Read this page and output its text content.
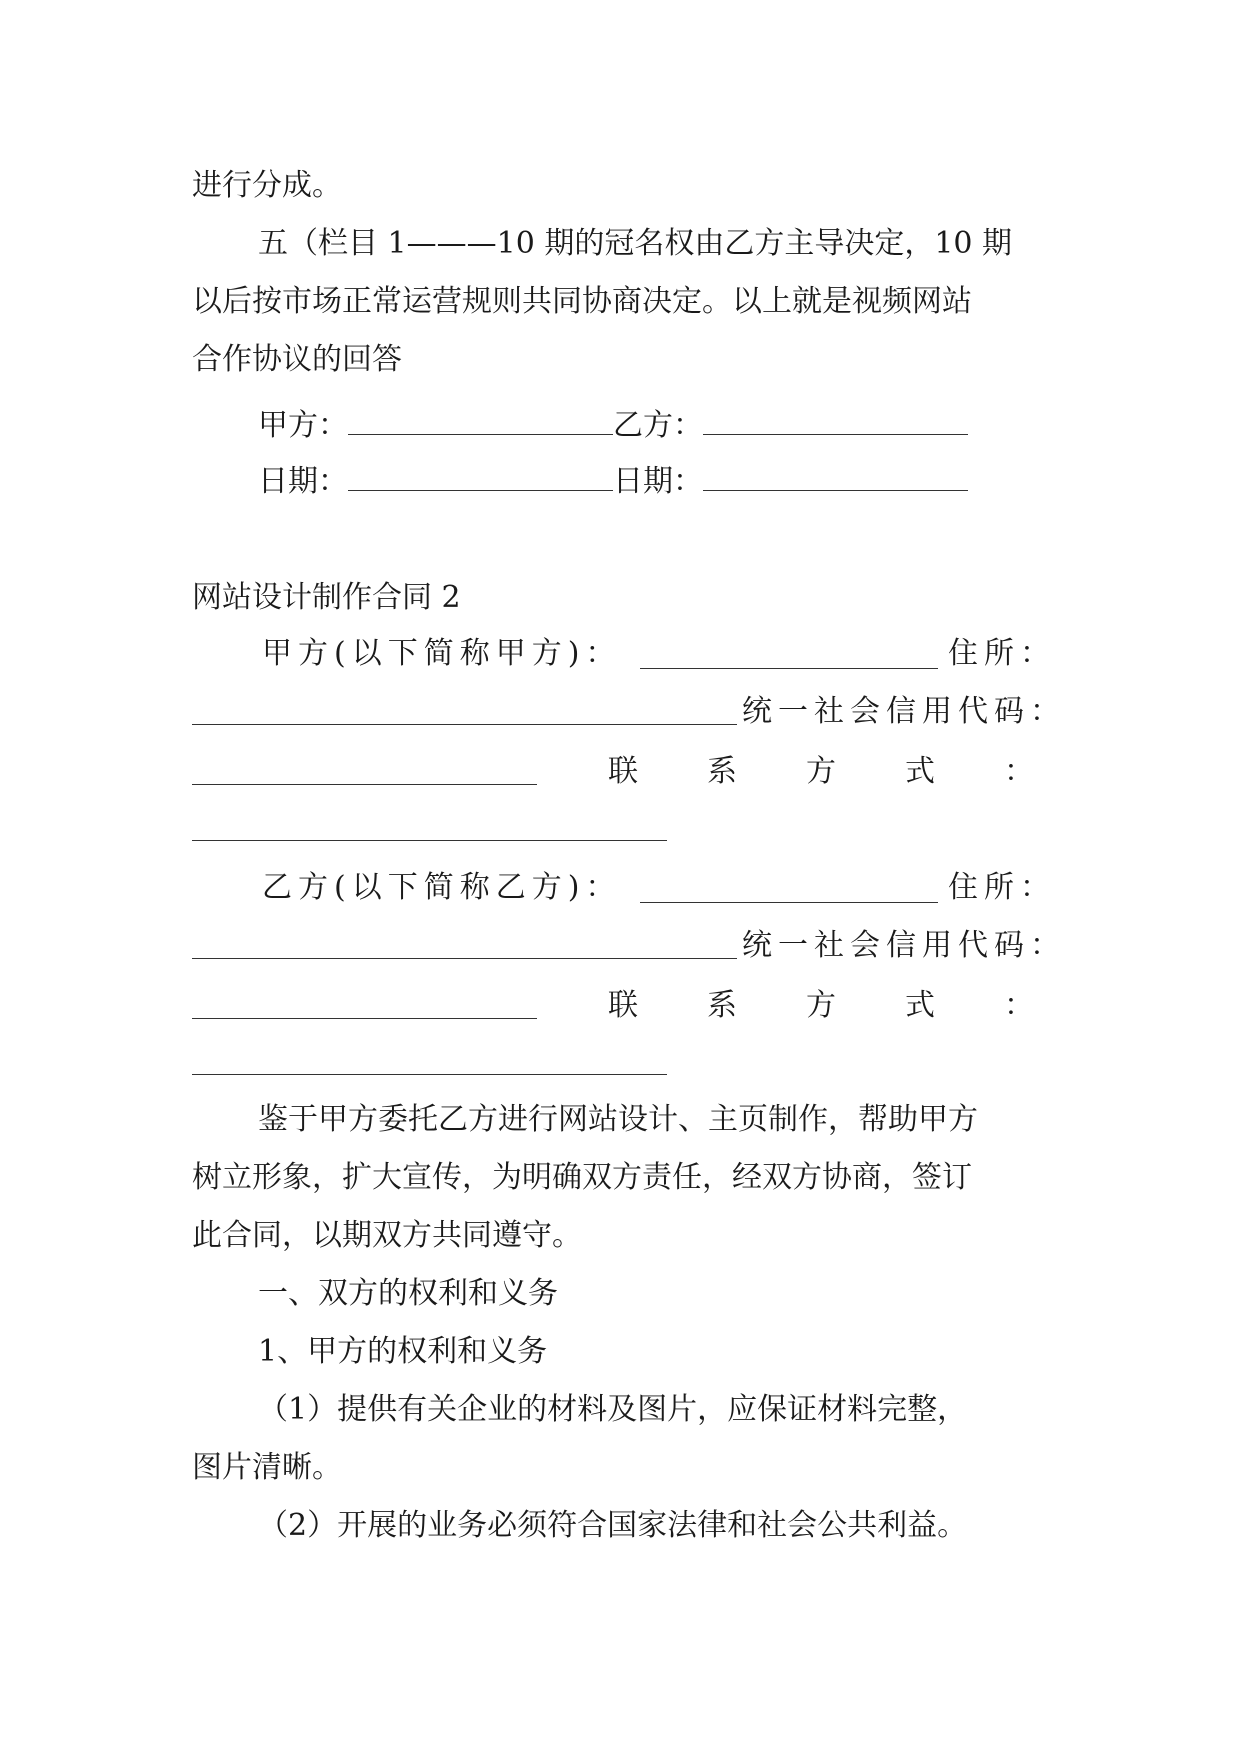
进行分成。

五（栏目 1———10 期的冠名权由乙方主导决定，10 期

以后按市场正常运营规则共同协商决定。以上就是视频网站

合作协议的回答

甲方：	乙方：
日期：	日期：

网站设计制作合同 2

甲方(以下简称甲方)：	住所：

统一社会信用代码：

联 系 方 式 ：
乙方(以下简称乙方)：	住所：

统一社会信用代码：

联 系 方 式 ：

鉴于甲方委托乙方进行网站设计、主页制作，帮助甲方

树立形象，扩大宣传，为明确双方责任，经双方协商，签订

此合同，以期双方共同遵守。

一、双方的权利和义务

1、甲方的权利和义务

（1）提供有关企业的材料及图片，应保证材料完整，

图片清晰。

（2）开展的业务必须符合国家法律和社会公共利益。
